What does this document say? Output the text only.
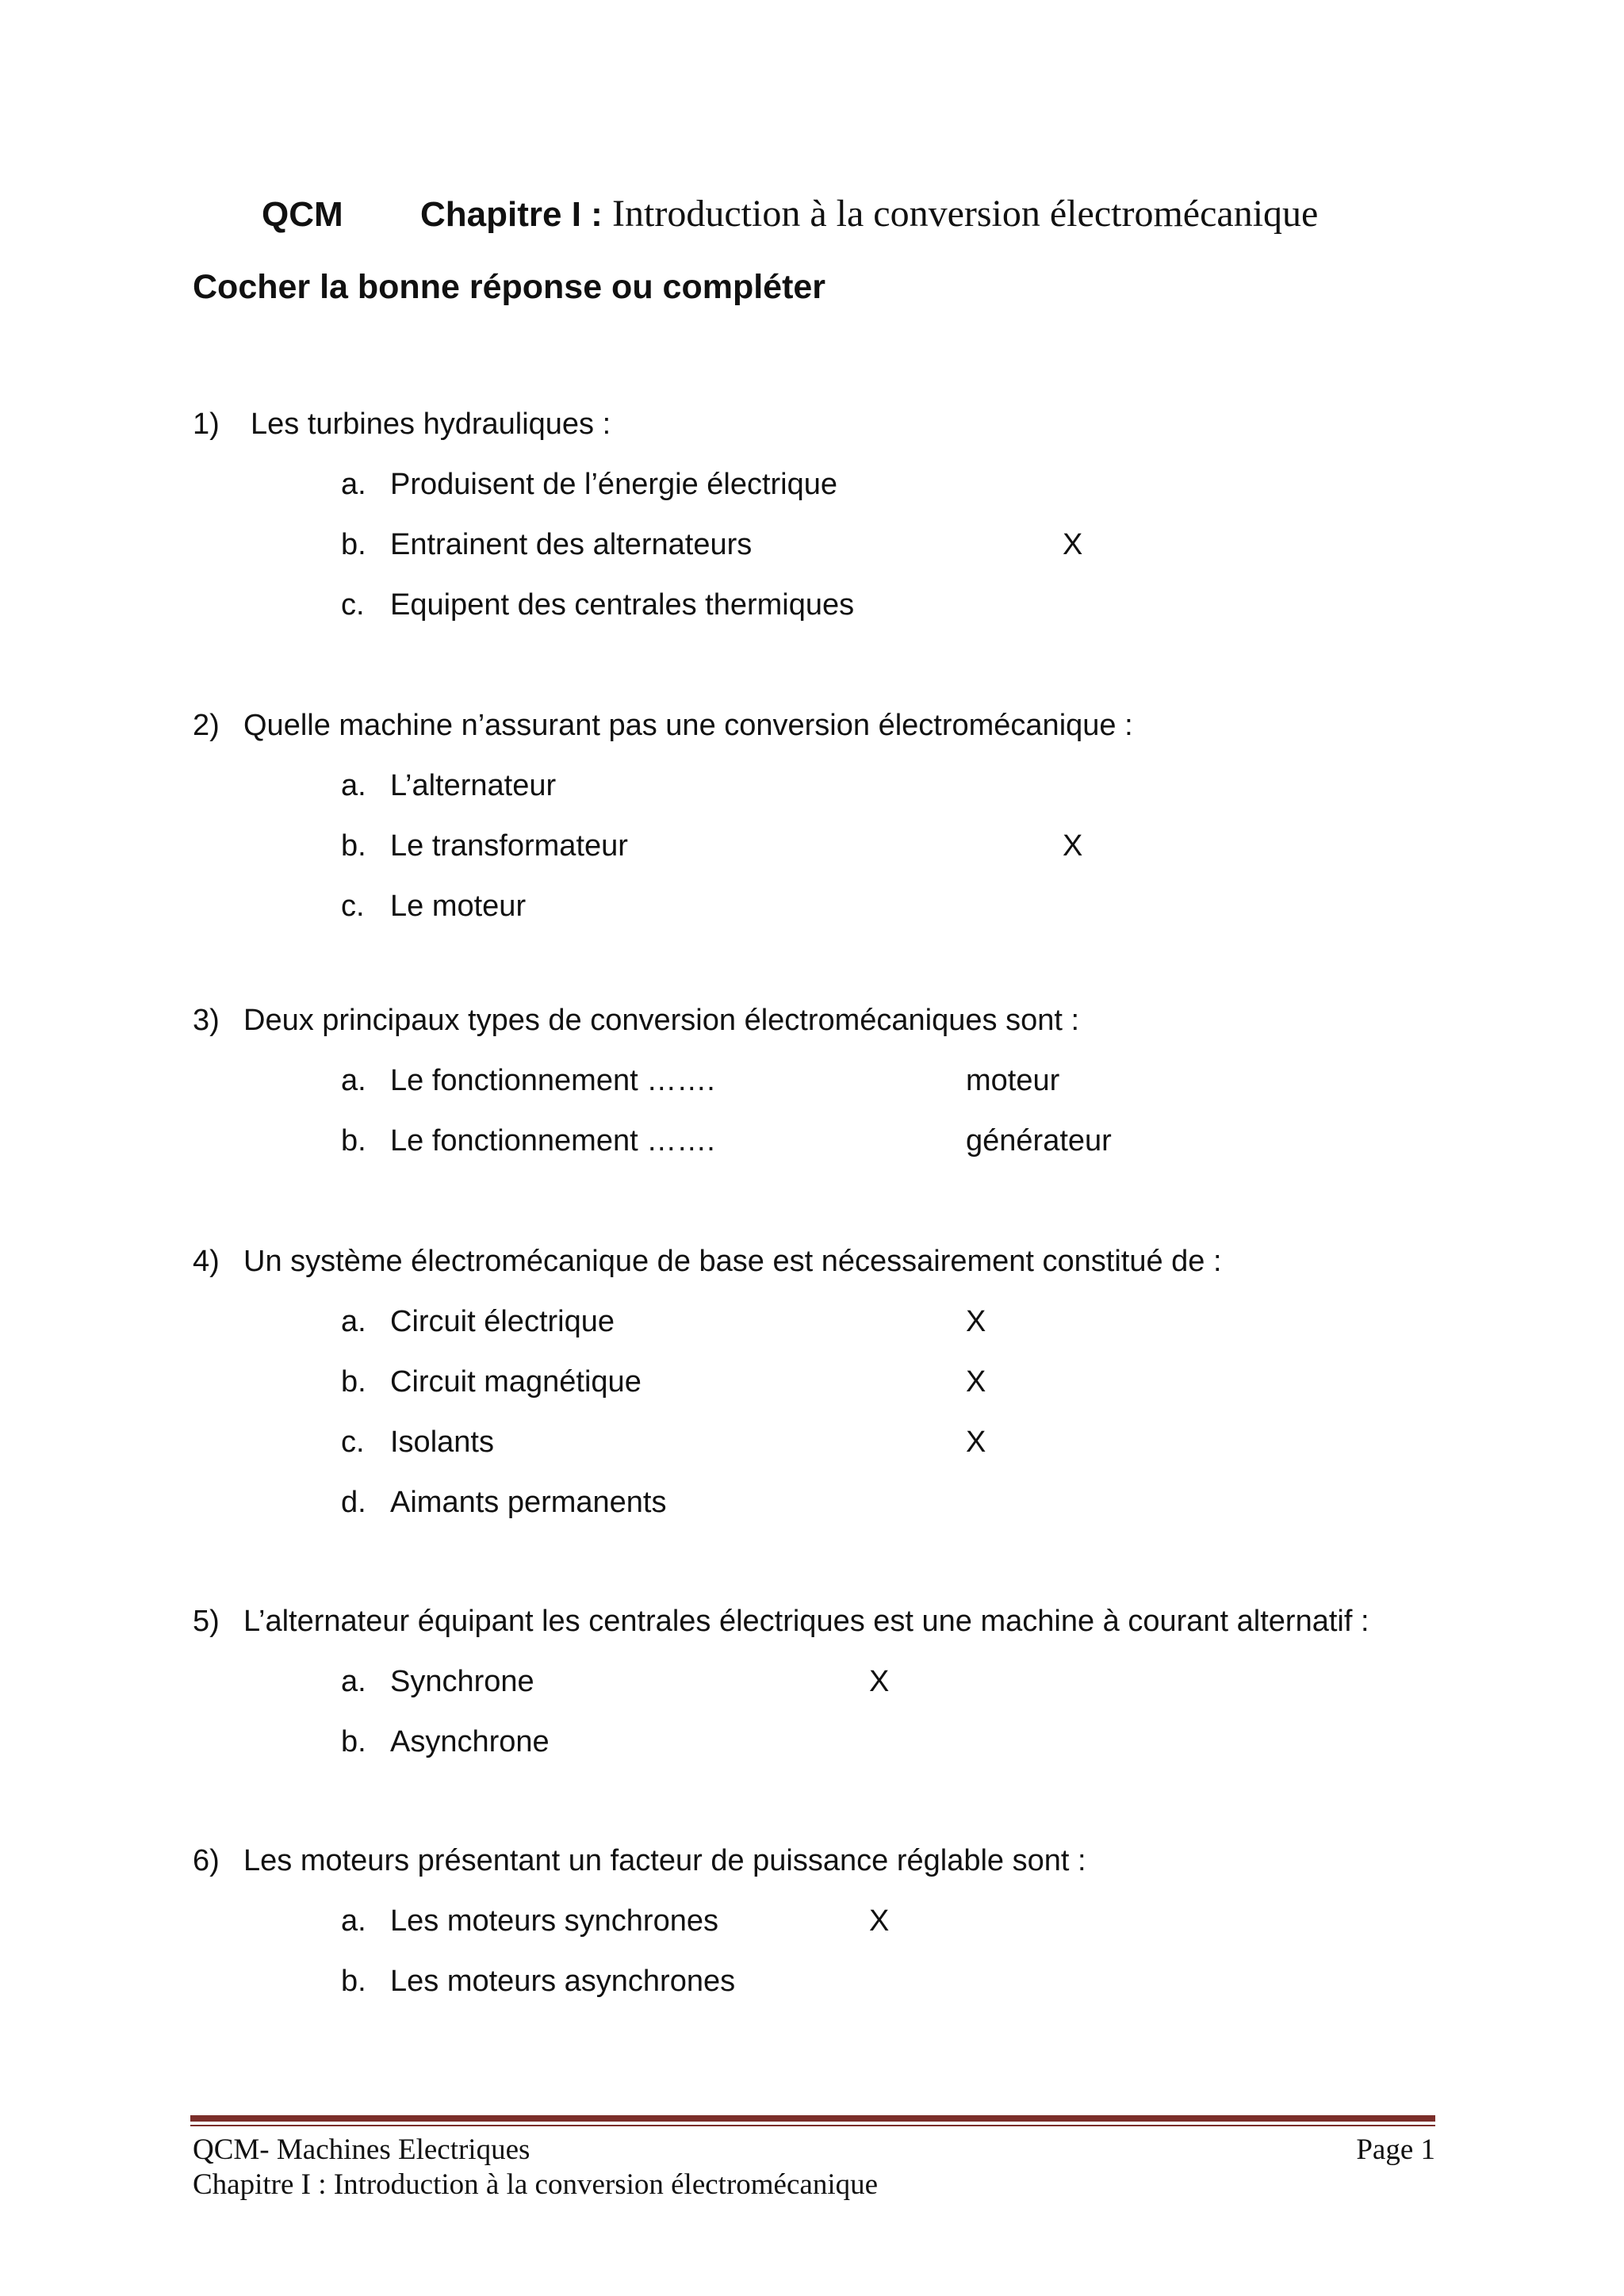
QCM Chapitre I : Introduction à la conversion électromécanique
Cocher la bonne réponse ou compléter
1) Les turbines hydrauliques :
a. Produisent de l’énergie électrique
b. Entrainent des alternateurs	X
c. Equipent des centrales thermiques
2) Quelle machine n’assurant pas une conversion électromécanique :
a. L’alternateur
b. Le transformateur	X
c. Le moteur
3) Deux principaux types de conversion électromécaniques sont :
a. Le fonctionnement …….	moteur
b. Le fonctionnement …….	générateur
4) Un système électromécanique de base est nécessairement constitué de :
a. Circuit électrique	X
b. Circuit magnétique	X
c. Isolants	X
d. Aimants permanents
5) L’alternateur équipant les centrales électriques est une machine à courant alternatif :
a. Synchrone	X
b. Asynchrone
6) Les moteurs présentant un facteur de puissance réglable sont :
a. Les moteurs synchrones	X
b. Les moteurs asynchrones
QCM- Machines Electriques	Page 1
Chapitre I : Introduction à la conversion électromécanique
